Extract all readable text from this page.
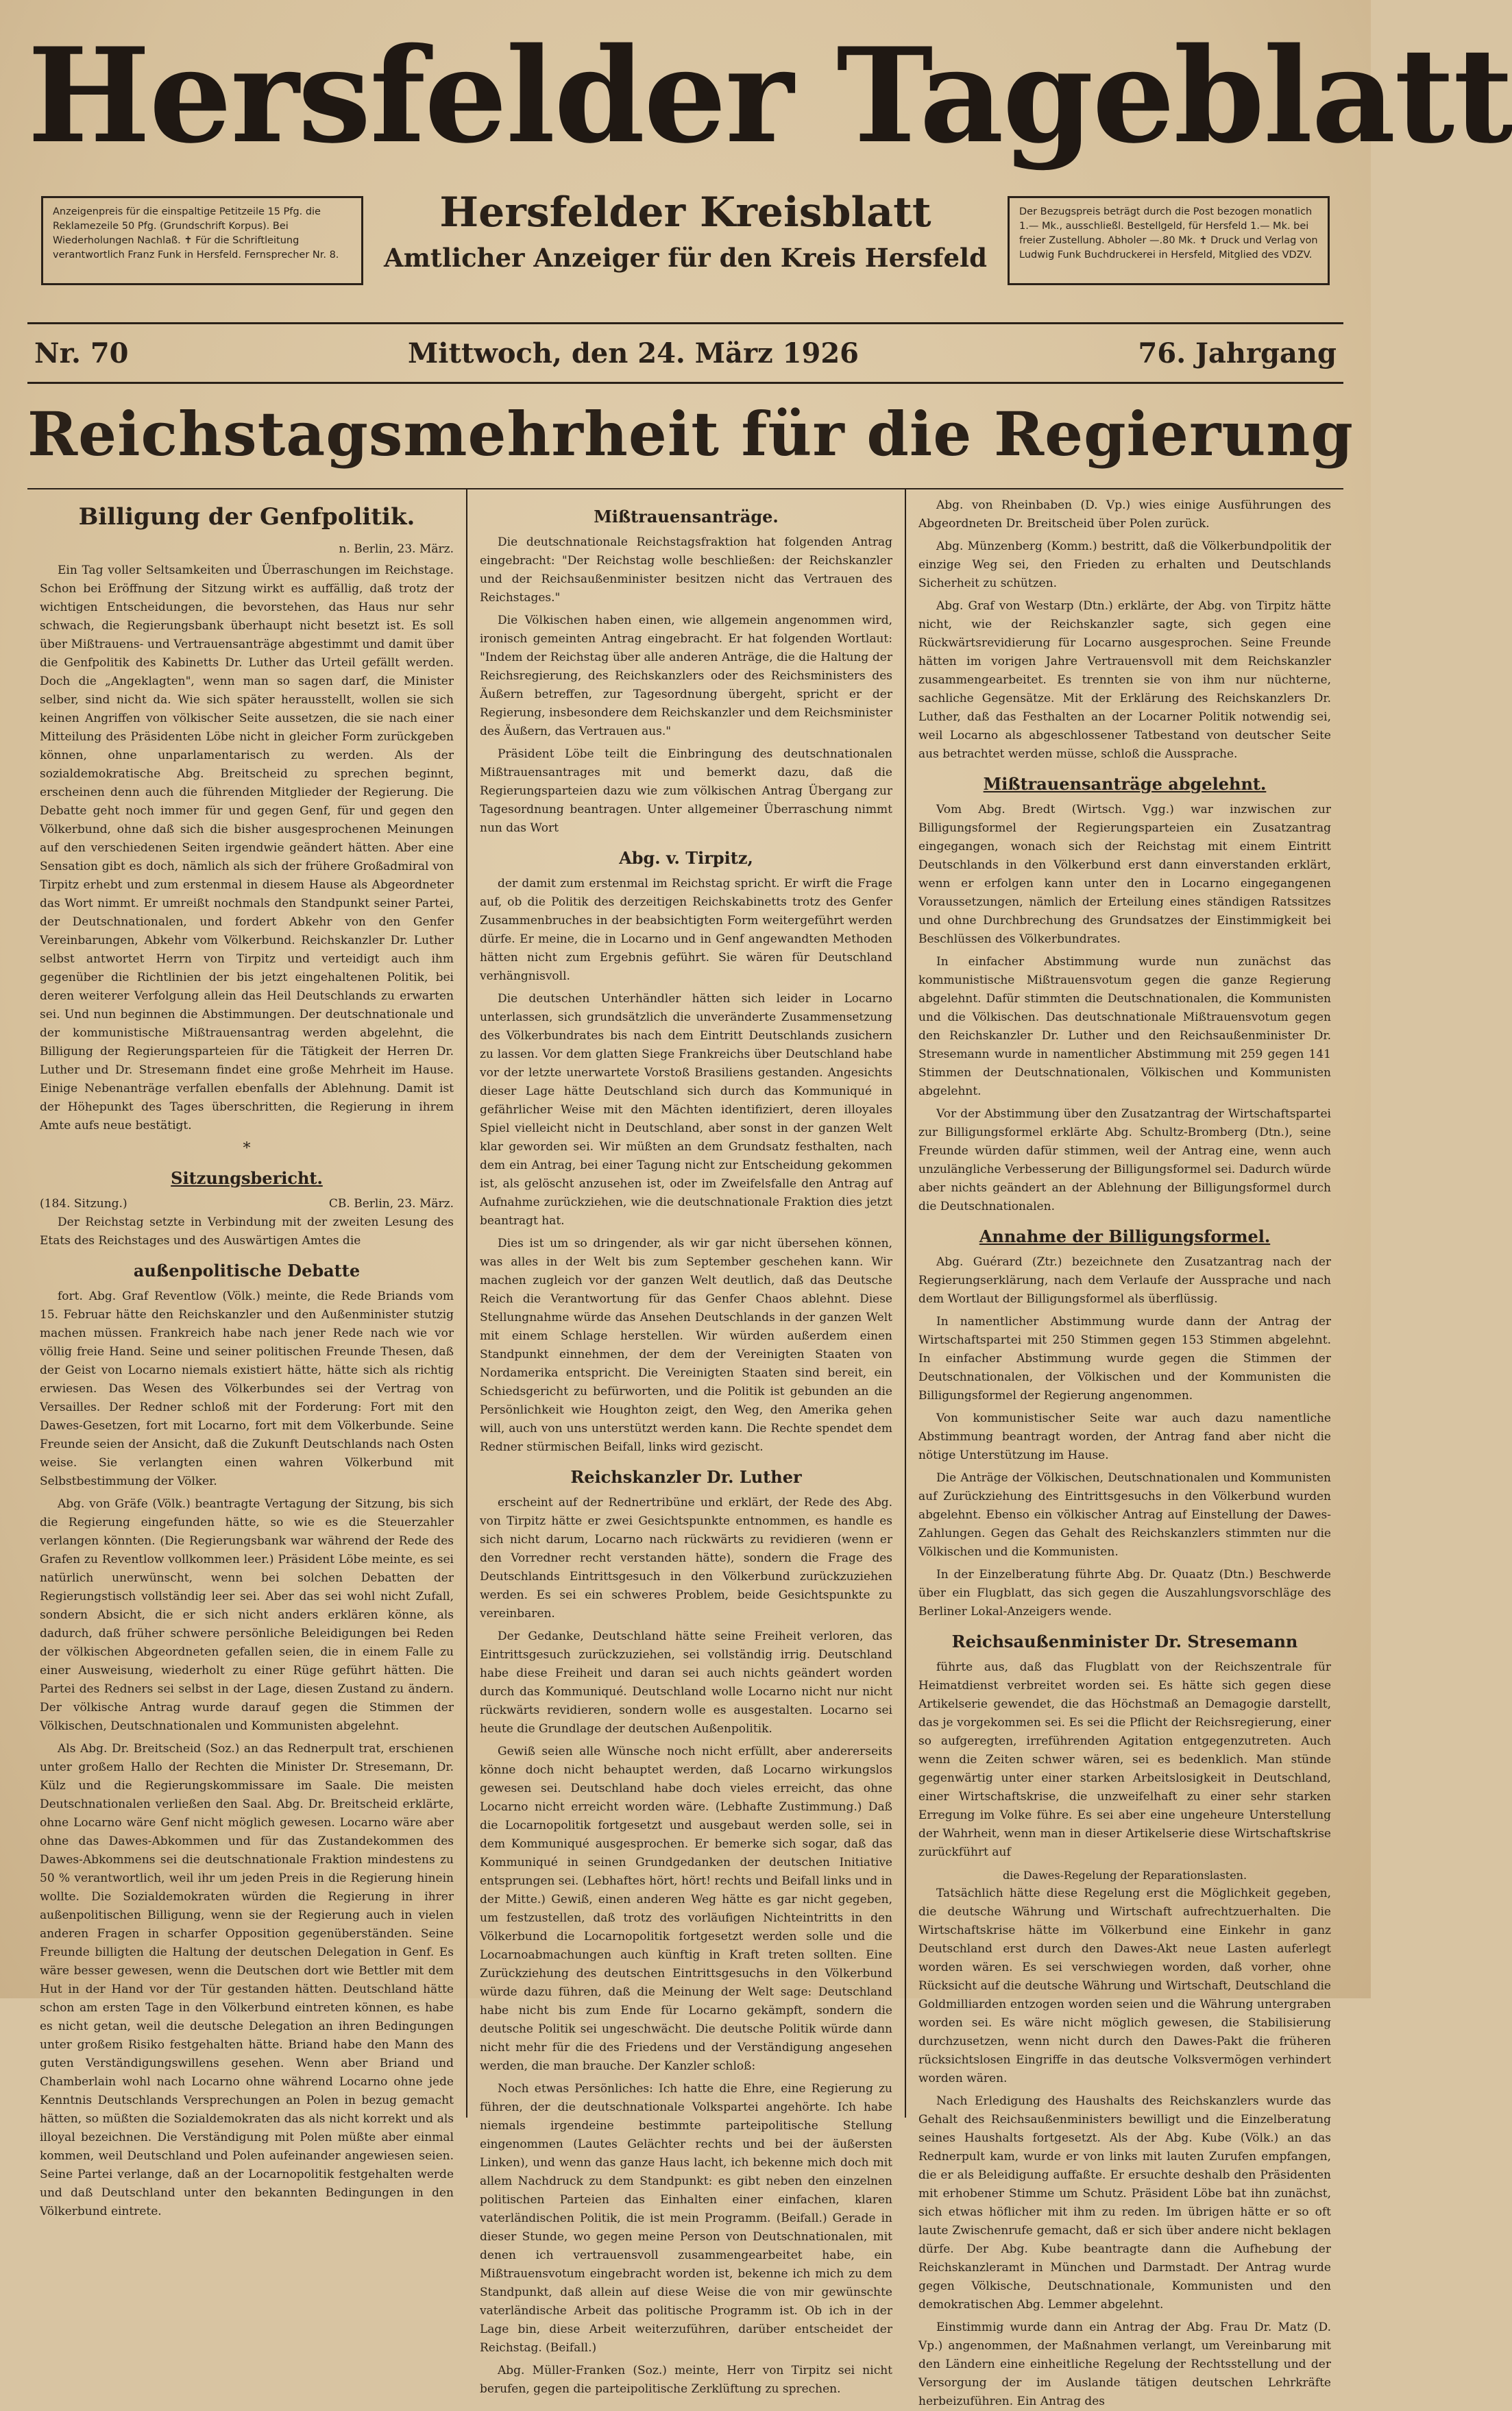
Hersfelder Tageblatt
Anzeigenpreis für die einspaltige Petitzeile 15 Pfg. die Reklamezeile 50 Pfg. (Grundschrift Korpus). Bei Wiederholungen Nachlaß. ✝ Für die Schriftleitung verantwortlich Franz Funk in Hersfeld. Fernsprecher Nr. 8.
Hersfelder Kreisblatt
Amtlicher Anzeiger für den Kreis Hersfeld
Der Bezugspreis beträgt durch die Post bezogen monatlich 1.— Mk., ausschließl. Bestellgeld, für Hersfeld 1.— Mk. bei freier Zustellung. Abholer —.80 Mk. ✝ Druck und Verlag von Ludwig Funk Buchdruckerei in Hersfeld, Mitglied des VDZV.
Nr. 70	Mittwoch, den 24. März 1926	76. Jahrgang
Reichstagsmehrheit für die Regierung
Billigung der Genfpolitik.
n. Berlin, 23. März.

Ein Tag voller Seltsamkeiten und Überraschungen im Reichstage. Schon bei Eröffnung der Sitzung wirkt es auffällig, daß trotz der wichtigen Entscheidungen, die bevorstehen, das Haus nur sehr schwach, die Regierungsbank überhaupt nicht besetzt ist. Es soll über Mißtrauens- und Vertrauensanträge abgestimmt und damit über die Genfpolitik des Kabinetts Dr. Luther das Urteil gefällt werden. Doch die „Angeklagten", wenn man so sagen darf, die Minister selber, sind nicht da. Wie sich später herausstellt, wollen sie sich keinen Angriffen von völkischer Seite aussetzen, die sie nach einer Mitteilung des Präsidenten Löbe nicht in gleicher Form zurückgeben können, ohne unparlamentarisch zu werden. Als der sozialdemokratische Abg. Breitscheid zu sprechen beginnt, erscheinen denn auch die führenden Mitglieder der Regierung. Die Debatte geht noch immer für und gegen Genf, für und gegen den Völkerbund, ohne daß sich die bisher ausgesprochenen Meinungen auf den verschiedenen Seiten irgendwie geändert hätten. Aber eine Sensation gibt es doch, nämlich als sich der frühere Großadmiral von Tirpitz erhebt und zum erstenmal in diesem Hause als Abgeordneter das Wort nimmt. Er umreißt nochmals den Standpunkt seiner Partei, der Deutschnationalen, und fordert Abkehr von den Genfer Vereinbarungen, Abkehr vom Völkerbund. Reichskanzler Dr. Luther selbst antwortet Herrn von Tirpitz und verteidigt auch ihm gegenüber die Richtlinien der bis jetzt eingehaltenen Politik, bei deren weiterer Verfolgung allein das Heil Deutschlands zu erwarten sei. Und nun beginnen die Abstimmungen. Der deutschnationale und der kommunistische Mißtrauensantrag werden abgelehnt, die Billigung der Regierungsparteien für die Tätigkeit der Herren Dr. Luther und Dr. Stresemann findet eine große Mehrheit im Hause. Einige Nebenanträge verfallen ebenfalls der Ablehnung. Damit ist der Höhepunkt des Tages überschritten, die Regierung in ihrem Amte aufs neue bestätigt.

*
Sitzungsbericht.
(184. Sitzung.)	CB. Berlin, 23. März.

Der Reichstag setzte in Verbindung mit der zweiten Lesung des Etats des Reichstages und des Auswärtigen Amtes die

außenpolitische Debatte

fort. Abg. Graf Reventlow (Völk.) meinte, die Rede Briands vom 15. Februar hätte den Reichskanzler und den Außenminister stutzig machen müssen. Frankreich habe nach jener Rede nach wie vor völlig freie Hand. Seine und seiner politischen Freunde Thesen, daß der Geist von Locarno niemals existiert hätte, hätte sich als richtig erwiesen. Das Wesen des Völkerbundes sei der Vertrag von Versailles. Der Redner schloß mit der Forderung: Fort mit den Dawes-Gesetzen, fort mit Locarno, fort mit dem Völkerbunde. Seine Freunde seien der Ansicht, daß die Zukunft Deutschlands nach Osten weise. Sie verlangten einen wahren Völkerbund mit Selbstbestimmung der Völker.

Abg. von Gräfe (Völk.) beantragte Vertagung der Sitzung, bis sich die Regierung eingefunden hätte, so wie es die Steuerzahler verlangen könnten. (Die Regierungsbank war während der Rede des Grafen zu Reventlow vollkommen leer.) Präsident Löbe meinte, es sei natürlich unerwünscht, wenn bei solchen Debatten der Regierungstisch vollständig leer sei. Aber das sei wohl nicht Zufall, sondern Absicht, die er sich nicht anders erklären könne, als dadurch, daß früher schwere persönliche Beleidigungen bei Reden der völkischen Abgeordneten gefallen seien, die in einem Falle zu einer Ausweisung, wiederholt zu einer Rüge geführt hätten. Die Partei des Redners sei selbst in der Lage, diesen Zustand zu ändern. Der völkische Antrag wurde darauf gegen die Stimmen der Völkischen, Deutschnationalen und Kommunisten abgelehnt.

Als Abg. Dr. Breitscheid (Soz.) an das Rednerpult trat, erschienen unter großem Hallo der Rechten die Minister Dr. Stresemann, Dr. Külz und die Regierungskommissare im Saale. Die meisten Deutschnationalen verließen den Saal. Abg. Dr. Breitscheid erklärte, ohne Locarno wäre Genf nicht möglich gewesen. Locarno wäre aber ohne das Dawes-Abkommen und für das Zustandekommen des Dawes-Abkommens sei die deutschnationale Fraktion mindestens zu 50 % verantwortlich, weil ihr um jeden Preis in die Regierung hinein wollte. Die Sozialdemokraten würden die Regierung in ihrer außenpolitischen Billigung, wenn sie der Regierung auch in vielen anderen Fragen in scharfer Opposition gegenüberständen. Seine Freunde billigten die Haltung der deutschen Delegation in Genf. Es wäre besser gewesen, wenn die Deutschen dort wie Bettler mit dem Hut in der Hand vor der Tür gestanden hätten. Deutschland hätte schon am ersten Tage in den Völkerbund eintreten können, es habe es nicht getan, weil die deutsche Delegation an ihren Bedingungen unter großem Risiko festgehalten hätte. Briand habe den Mann des guten Verständigungswillens gesehen. Wenn aber Briand und Chamberlain wohl nach Locarno ohne während Locarno ohne jede Kenntnis Deutschlands Versprechungen an Polen in bezug gemacht hätten, so müßten die Sozialdemokraten das als nicht korrekt und als illoyal bezeichnen. Die Verständigung mit Polen müßte aber einmal kommen, weil Deutschland und Polen aufeinander angewiesen seien. Seine Partei verlange, daß an der Locarnopolitik festgehalten werde und daß Deutschland unter den bekannten Bedingungen in den Völkerbund eintrete.

Mißtrauensanträge.

Die deutschnationale Reichstagsfraktion hat folgenden Antrag eingebracht: "Der Reichstag wolle beschließen: der Reichskanzler und der Reichsaußenminister besitzen nicht das Vertrauen des Reichstages."

Die Völkischen haben einen, wie allgemein angenommen wird, ironisch gemeinten Antrag eingebracht. Er hat folgenden Wortlaut: "Indem der Reichstag über alle anderen Anträge, die die Haltung der Reichsregierung, des Reichskanzlers oder des Reichsministers des Äußern betreffen, zur Tagesordnung übergeht, spricht er der Regierung, insbesondere dem Reichskanzler und dem Reichsminister des Äußern, das Vertrauen aus."

Präsident Löbe teilt die Einbringung des deutschnationalen Mißtrauensantrages mit und bemerkt dazu, daß die Regierungsparteien dazu wie zum völkischen Antrag Übergang zur Tagesordnung beantragen. Unter allgemeiner Überraschung nimmt nun das Wort

Abg. v. Tirpitz,

der damit zum erstenmal im Reichstag spricht. Er wirft die Frage auf, ob die Politik des derzeitigen Reichskabinetts trotz des Genfer Zusammenbruches in der beabsichtigten Form weitergeführt werden dürfe. Er meine, die in Locarno und in Genf angewandten Methoden hätten nicht zum Ergebnis geführt. Sie wären für Deutschland verhängnisvoll.

Die deutschen Unterhändler hätten sich leider in Locarno unterlassen, sich grundsätzlich die unveränderte Zusammensetzung des Völkerbundrates bis nach dem Eintritt Deutschlands zusichern zu lassen. Vor dem glatten Siege Frankreichs über Deutschland habe vor der letzte unerwartete Vorstoß Brasiliens gestanden. Angesichts dieser Lage hätte Deutschland sich durch das Kommuniqué in gefährlicher Weise mit den Mächten identifiziert, deren illoyales Spiel vielleicht nicht in Deutschland, aber sonst in der ganzen Welt klar geworden sei. Wir müßten an dem Grundsatz festhalten, nach dem ein Antrag, bei einer Tagung nicht zur Entscheidung gekommen ist, als gelöscht anzusehen ist, oder im Zweifelsfalle den Antrag auf Aufnahme zurückziehen, wie die deutschnationale Fraktion dies jetzt beantragt hat.

Dies ist um so dringender, als wir gar nicht übersehen können, was alles in der Welt bis zum September geschehen kann. Wir machen zugleich vor der ganzen Welt deutlich, daß das Deutsche Reich die Verantwortung für das Genfer Chaos ablehnt. Diese Stellungnahme würde das Ansehen Deutschlands in der ganzen Welt mit einem Schlage herstellen. Wir würden außerdem einen Standpunkt einnehmen, der dem der Vereinigten Staaten von Nordamerika entspricht. Die Vereinigten Staaten sind bereit, ein Schiedsgericht zu befürworten, und die Politik ist gebunden an die Persönlichkeit wie Houghton zeigt, den Weg, den Amerika gehen will, auch von uns unterstützt werden kann. Die Rechte spendet dem Redner stürmischen Beifall, links wird gezischt.

Reichskanzler Dr. Luther

erscheint auf der Rednertribüne und erklärt, der Rede des Abg. von Tirpitz hätte er zwei Gesichtspunkte entnommen, es handle es sich nicht darum, Locarno nach rückwärts zu revidieren (wenn er den Vorredner recht verstanden hätte), sondern die Frage des Deutschlands Eintrittsgesuch in den Völkerbund zurückzuziehen werden. Es sei ein schweres Problem, beide Gesichtspunkte zu vereinbaren.

Der Gedanke, Deutschland hätte seine Freiheit verloren, das Eintrittsgesuch zurückzuziehen, sei vollständig irrig. Deutschland habe diese Freiheit und daran sei auch nichts geändert worden durch das Kommuniqué. Deutschland wolle Locarno nicht nur nicht rückwärts revidieren, sondern wolle es ausgestalten. Locarno sei heute die Grundlage der deutschen Außenpolitik.

Gewiß seien alle Wünsche noch nicht erfüllt, aber andererseits könne doch nicht behauptet werden, daß Locarno wirkungslos gewesen sei. Deutschland habe doch vieles erreicht, das ohne Locarno nicht erreicht worden wäre. (Lebhafte Zustimmung.) Daß die Locarnopolitik fortgesetzt und ausgebaut werden solle, sei in dem Kommuniqué ausgesprochen. Er bemerke sich sogar, daß das Kommuniqué in seinen Grundgedanken der deutschen Initiative entsprungen sei. (Lebhaftes hört, hört! rechts und Beifall links und in der Mitte.) Gewiß, einen anderen Weg hätte es gar nicht gegeben, um festzustellen, daß trotz des vorläufigen Nichteintritts in den Völkerbund die Locarnopolitik fortgesetzt werden solle und die Locarnoabmachungen auch künftig in Kraft treten sollten. Eine Zurückziehung des deutschen Eintrittsgesuchs in den Völkerbund würde dazu führen, daß die Meinung der Welt sage: Deutschland habe nicht bis zum Ende für Locarno gekämpft, sondern die deutsche Politik sei ungeschwächt. Die deutsche Politik würde dann nicht mehr für die des Friedens und der Verständigung angesehen werden, die man brauche. Der Kanzler schloß:

Noch etwas Persönliches: Ich hatte die Ehre, eine Regierung zu führen, der die deutschnationale Volkspartei angehörte. Ich habe niemals irgendeine bestimmte parteipolitische Stellung eingenommen (Lautes Gelächter rechts und bei der äußersten Linken), und wenn das ganze Haus lacht, ich bekenne mich doch mit allem Nachdruck zu dem Standpunkt: es gibt neben den einzelnen politischen Parteien das Einhalten einer einfachen, klaren vaterländischen Politik, die ist mein Programm. (Beifall.) Gerade in dieser Stunde, wo gegen meine Person von Deutschnationalen, mit denen ich vertrauensvoll zusammengearbeitet habe, ein Mißtrauensvotum eingebracht worden ist, bekenne ich mich zu dem Standpunkt, daß allein auf diese Weise die von mir gewünschte vaterländische Arbeit das politische Programm ist. Ob ich in der Lage bin, diese Arbeit weiterzuführen, darüber entscheidet der Reichstag. (Beifall.)

Abg. Müller-Franken (Soz.) meinte, Herr von Tirpitz sei nicht berufen, gegen die parteipolitische Zerklüftung zu sprechen.

Abg. von Rheinbaben (D. Vp.) wies einige Ausführungen des Abgeordneten Dr. Breitscheid über Polen zurück.

Abg. Münzenberg (Komm.) bestritt, daß die Völkerbundpolitik der einzige Weg sei, den Frieden zu erhalten und Deutschlands Sicherheit zu schützen.

Abg. Graf von Westarp (Dtn.) erklärte, der Abg. von Tirpitz hätte nicht, wie der Reichskanzler sagte, sich gegen eine Rückwärtsrevidierung für Locarno ausgesprochen. Seine Freunde hätten im vorigen Jahre Vertrauensvoll mit dem Reichskanzler zusammengearbeitet. Es trennten sie von ihm nur nüchterne, sachliche Gegensätze. Mit der Erklärung des Reichskanzlers Dr. Luther, daß das Festhalten an der Locarner Politik notwendig sei, weil Locarno als abgeschlossener Tatbestand von deutscher Seite aus betrachtet werden müsse, schloß die Aussprache.

Mißtrauensanträge abgelehnt.

Vom Abg. Bredt (Wirtsch. Vgg.) war inzwischen zur Billigungsformel der Regierungsparteien ein Zusatzantrag eingegangen, wonach sich der Reichstag mit einem Eintritt Deutschlands in den Völkerbund erst dann einverstanden erklärt, wenn er erfolgen kann unter den in Locarno eingegangenen Voraussetzungen, nämlich der Erteilung eines ständigen Ratssitzes und ohne Durchbrechung des Grundsatzes der Einstimmigkeit bei Beschlüssen des Völkerbundrates.

In einfacher Abstimmung wurde nun zunächst das kommunistische Mißtrauensvotum gegen die ganze Regierung abgelehnt. Dafür stimmten die Deutschnationalen, die Kommunisten und die Völkischen. Das deutschnationale Mißtrauensvotum gegen den Reichskanzler Dr. Luther und den Reichsaußenminister Dr. Stresemann wurde in namentlicher Abstimmung mit 259 gegen 141 Stimmen der Deutschnationalen, Völkischen und Kommunisten abgelehnt.

Vor der Abstimmung über den Zusatzantrag der Wirtschaftspartei zur Billigungsformel erklärte Abg. Schultz-Bromberg (Dtn.), seine Freunde würden dafür stimmen, weil der Antrag eine, wenn auch unzulängliche Verbesserung der Billigungsformel sei. Dadurch würde aber nichts geändert an der Ablehnung der Billigungsformel durch die Deutschnationalen.

Annahme der Billigungsformel.

Abg. Guérard (Ztr.) bezeichnete den Zusatzantrag nach der Regierungserklärung, nach dem Verlaufe der Aussprache und nach dem Wortlaut der Billigungsformel als überflüssig.

In namentlicher Abstimmung wurde dann der Antrag der Wirtschaftspartei mit 250 Stimmen gegen 153 Stimmen abgelehnt. In einfacher Abstimmung wurde gegen die Stimmen der Deutschnationalen, der Völkischen und der Kommunisten die Billigungsformel der Regierung angenommen.

Von kommunistischer Seite war auch dazu namentliche Abstimmung beantragt worden, der Antrag fand aber nicht die nötige Unterstützung im Hause.

Die Anträge der Völkischen, Deutschnationalen und Kommunisten auf Zurückziehung des Eintrittsgesuchs in den Völkerbund wurden abgelehnt. Ebenso ein völkischer Antrag auf Einstellung der Dawes-Zahlungen. Gegen das Gehalt des Reichskanzlers stimmten nur die Völkischen und die Kommunisten.

In der Einzelberatung führte Abg. Dr. Quaatz (Dtn.) Beschwerde über ein Flugblatt, das sich gegen die Auszahlungsvorschläge des Berliner Lokal-Anzeigers wende.

Reichsaußenminister Dr. Stresemann

führte aus, daß das Flugblatt von der Reichszentrale für Heimatdienst verbreitet worden sei. Es hätte sich gegen diese Artikelserie gewendet, die das Höchstmaß an Demagogie darstellt, das je vorgekommen sei. Es sei die Pflicht der Reichsregierung, einer so aufgeregten, irreführenden Agitation entgegenzutreten. Auch wenn die Zeiten schwer wären, sei es bedenklich. Man stünde gegenwärtig unter einer starken Arbeitslosigkeit in Deutschland, einer Wirtschaftskrise, die unzweifelhaft zu einer sehr starken Erregung im Volke führe. Es sei aber eine ungeheure Unterstellung der Wahrheit, wenn man in dieser Artikelserie diese Wirtschaftskrise zurückführt auf

die Dawes-Regelung der Reparationslasten.

Tatsächlich hätte diese Regelung erst die Möglichkeit gegeben, die deutsche Währung und Wirtschaft aufrechtzuerhalten. Die Wirtschaftskrise hätte im Völkerbund eine Einkehr in ganz Deutschland erst durch den Dawes-Akt neue Lasten auferlegt worden wären. Es sei verschwiegen worden, daß vorher, ohne Rücksicht auf die deutsche Währung und Wirtschaft, Deutschland die Goldmilliarden entzogen worden seien und die Währung untergraben worden sei. Es wäre nicht möglich gewesen, die Stabilisierung durchzusetzen, wenn nicht durch den Dawes-Pakt die früheren rücksichtslosen Eingriffe in das deutsche Volksvermögen verhindert worden wären.

Nach Erledigung des Haushalts des Reichskanzlers wurde das Gehalt des Reichsaußenministers bewilligt und die Einzelberatung seines Haushalts fortgesetzt. Als der Abg. Kube (Völk.) an das Rednerpult kam, wurde er von links mit lauten Zurufen empfangen, die er als Beleidigung auffaßte. Er ersuchte deshalb den Präsidenten mit erhobener Stimme um Schutz. Präsident Löbe bat ihn zunächst, sich etwas höflicher mit ihm zu reden. Im übrigen hätte er so oft laute Zwischenrufe gemacht, daß er sich über andere nicht beklagen dürfe. Der Abg. Kube beantragte dann die Aufhebung der Reichskanzleramt in München und Darmstadt. Der Antrag wurde gegen Völkische, Deutschnationale, Kommunisten und den demokratischen Abg. Lemmer abgelehnt.

Einstimmig wurde dann ein Antrag der Abg. Frau Dr. Matz (D. Vp.) angenommen, der Maßnahmen verlangt, um Vereinbarung mit den Ländern eine einheitliche Regelung der Rechtsstellung und der Versorgung der im Auslande tätigen deutschen Lehrkräfte herbeizuführen. Ein Antrag des
